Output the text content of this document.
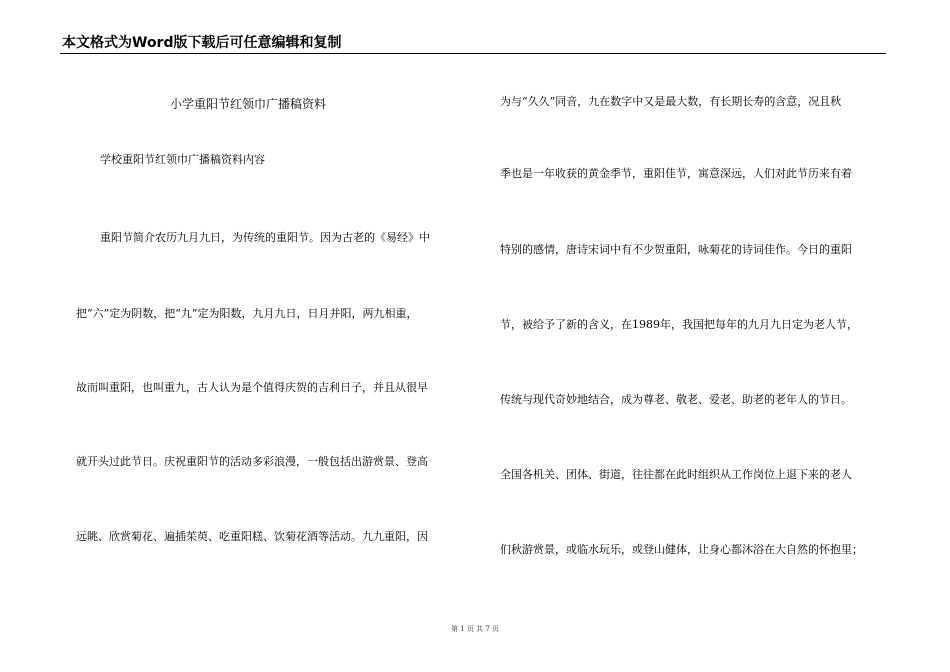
本文格式为Word版下载后可任意编辑和复制
小学重阳节红领巾广播稿资料
学校重阳节红领巾广播稿资料内容
重阳节简介农历九月九日，为传统的重阳节。因为古老的《易经》中
把“六”定为阴数，把“九”定为阳数，九月九日，日月并阳，两九相重，
故而叫重阳，也叫重九，古人认为是个值得庆贺的吉利日子，并且从很早
就开头过此节日。庆祝重阳节的活动多彩浪漫，一般包括出游赏景、登高
远眺、欣赏菊花、遍插茱萸、吃重阳糕、饮菊花酒等活动。九九重阳，因
为与“久久”同音，九在数字中又是最大数，有长期长寿的含意，况且秋
季也是一年收获的黄金季节，重阳佳节，寓意深远，人们对此节历来有着
特别的感情，唐诗宋词中有不少贺重阳，咏菊花的诗词佳作。今日的重阳
节，被给予了新的含义，在1989年，我国把每年的九月九日定为老人节，
传统与现代奇妙地结合，成为尊老、敬老、爱老、助老的老年人的节日。
全国各机关、团体、街道，往往都在此时组织从工作岗位上退下来的老人
们秋游赏景，或临水玩乐，或登山健体，让身心都沐浴在大自然的怀抱里；
第 1 页 共 7 页
